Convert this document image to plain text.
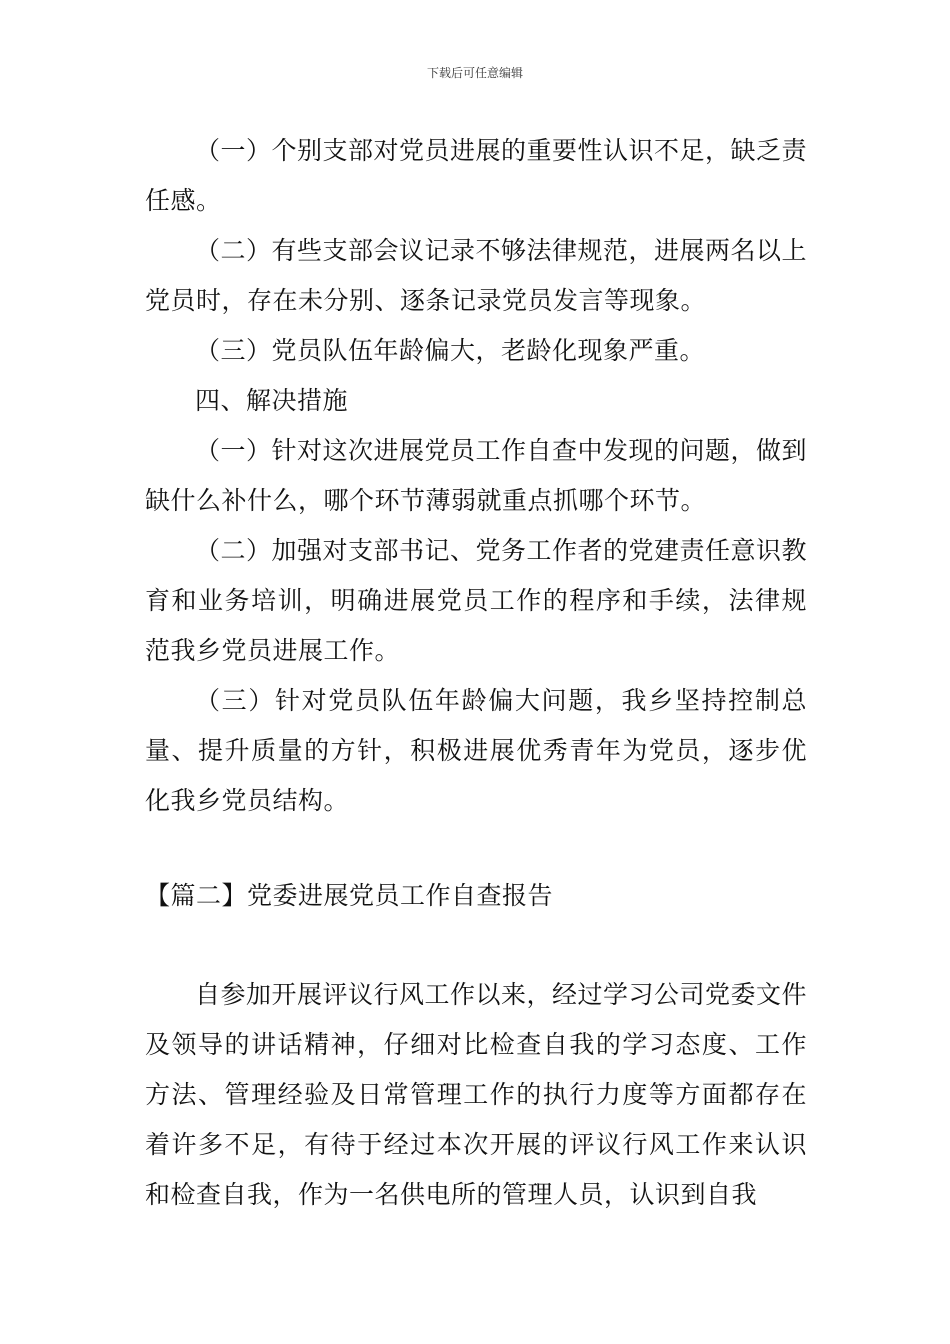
下载后可任意编辑

（一）个别支部对党员进展的重要性认识不足，缺乏责任感。

（二）有些支部会议记录不够法律规范，进展两名以上党员时，存在未分别、逐条记录党员发言等现象。

（三）党员队伍年龄偏大，老龄化现象严重。

四、解决措施

（一）针对这次进展党员工作自查中发现的问题，做到缺什么补什么，哪个环节薄弱就重点抓哪个环节。

（二）加强对支部书记、党务工作者的党建责任意识教育和业务培训，明确进展党员工作的程序和手续，法律规范我乡党员进展工作。

（三）针对党员队伍年龄偏大问题，我乡坚持控制总量、提升质量的方针，积极进展优秀青年为党员，逐步优化我乡党员结构。

【篇二】党委进展党员工作自查报告

自参加开展评议行风工作以来，经过学习公司党委文件及领导的讲话精神，仔细对比检查自我的学习态度、工作方法、管理经验及日常管理工作的执行力度等方面都存在着许多不足，有待于经过本次开展的评议行风工作来认识和检查自我，作为一名供电所的管理人员，认识到自我
